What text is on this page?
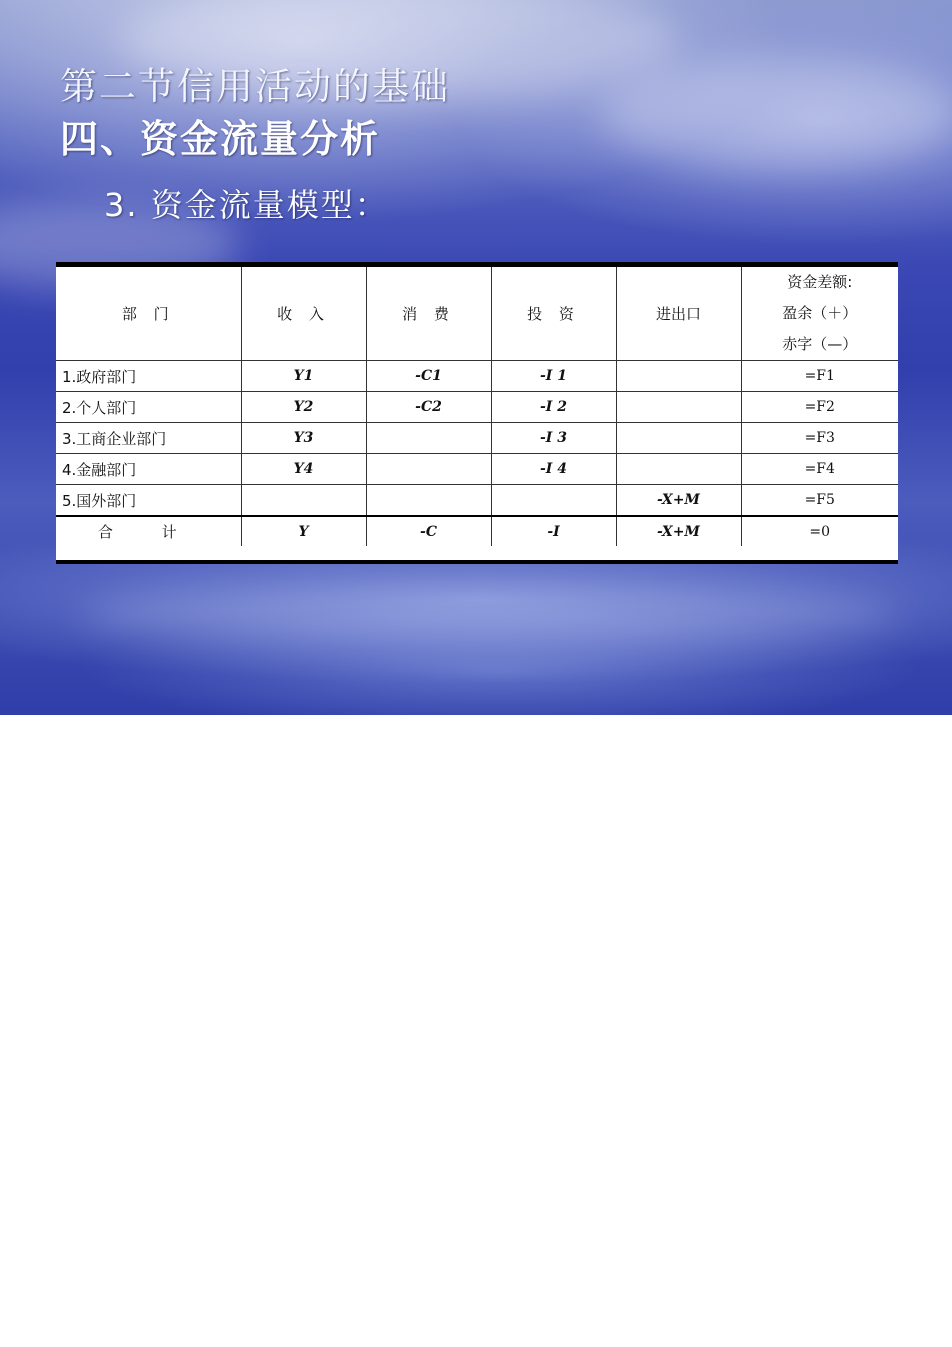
第二节信用活动的基础
四、资金流量分析
3. 资金流量模型：
部 门	收 入	消 费	投 资	进出口	资金差额:
盈余（＋）
赤字（—）

1.政府部门	Y1	-C1	-I 1		=F1
2.个人部门	Y2	-C2	-I 2		=F2
3.工商企业部门	Y3		-I 3		=F3
4.金融部门	Y4		-I 4		=F4
5.国外部门				-X+M	=F5
合 计	Y	-C	-I	-X+M	=0
